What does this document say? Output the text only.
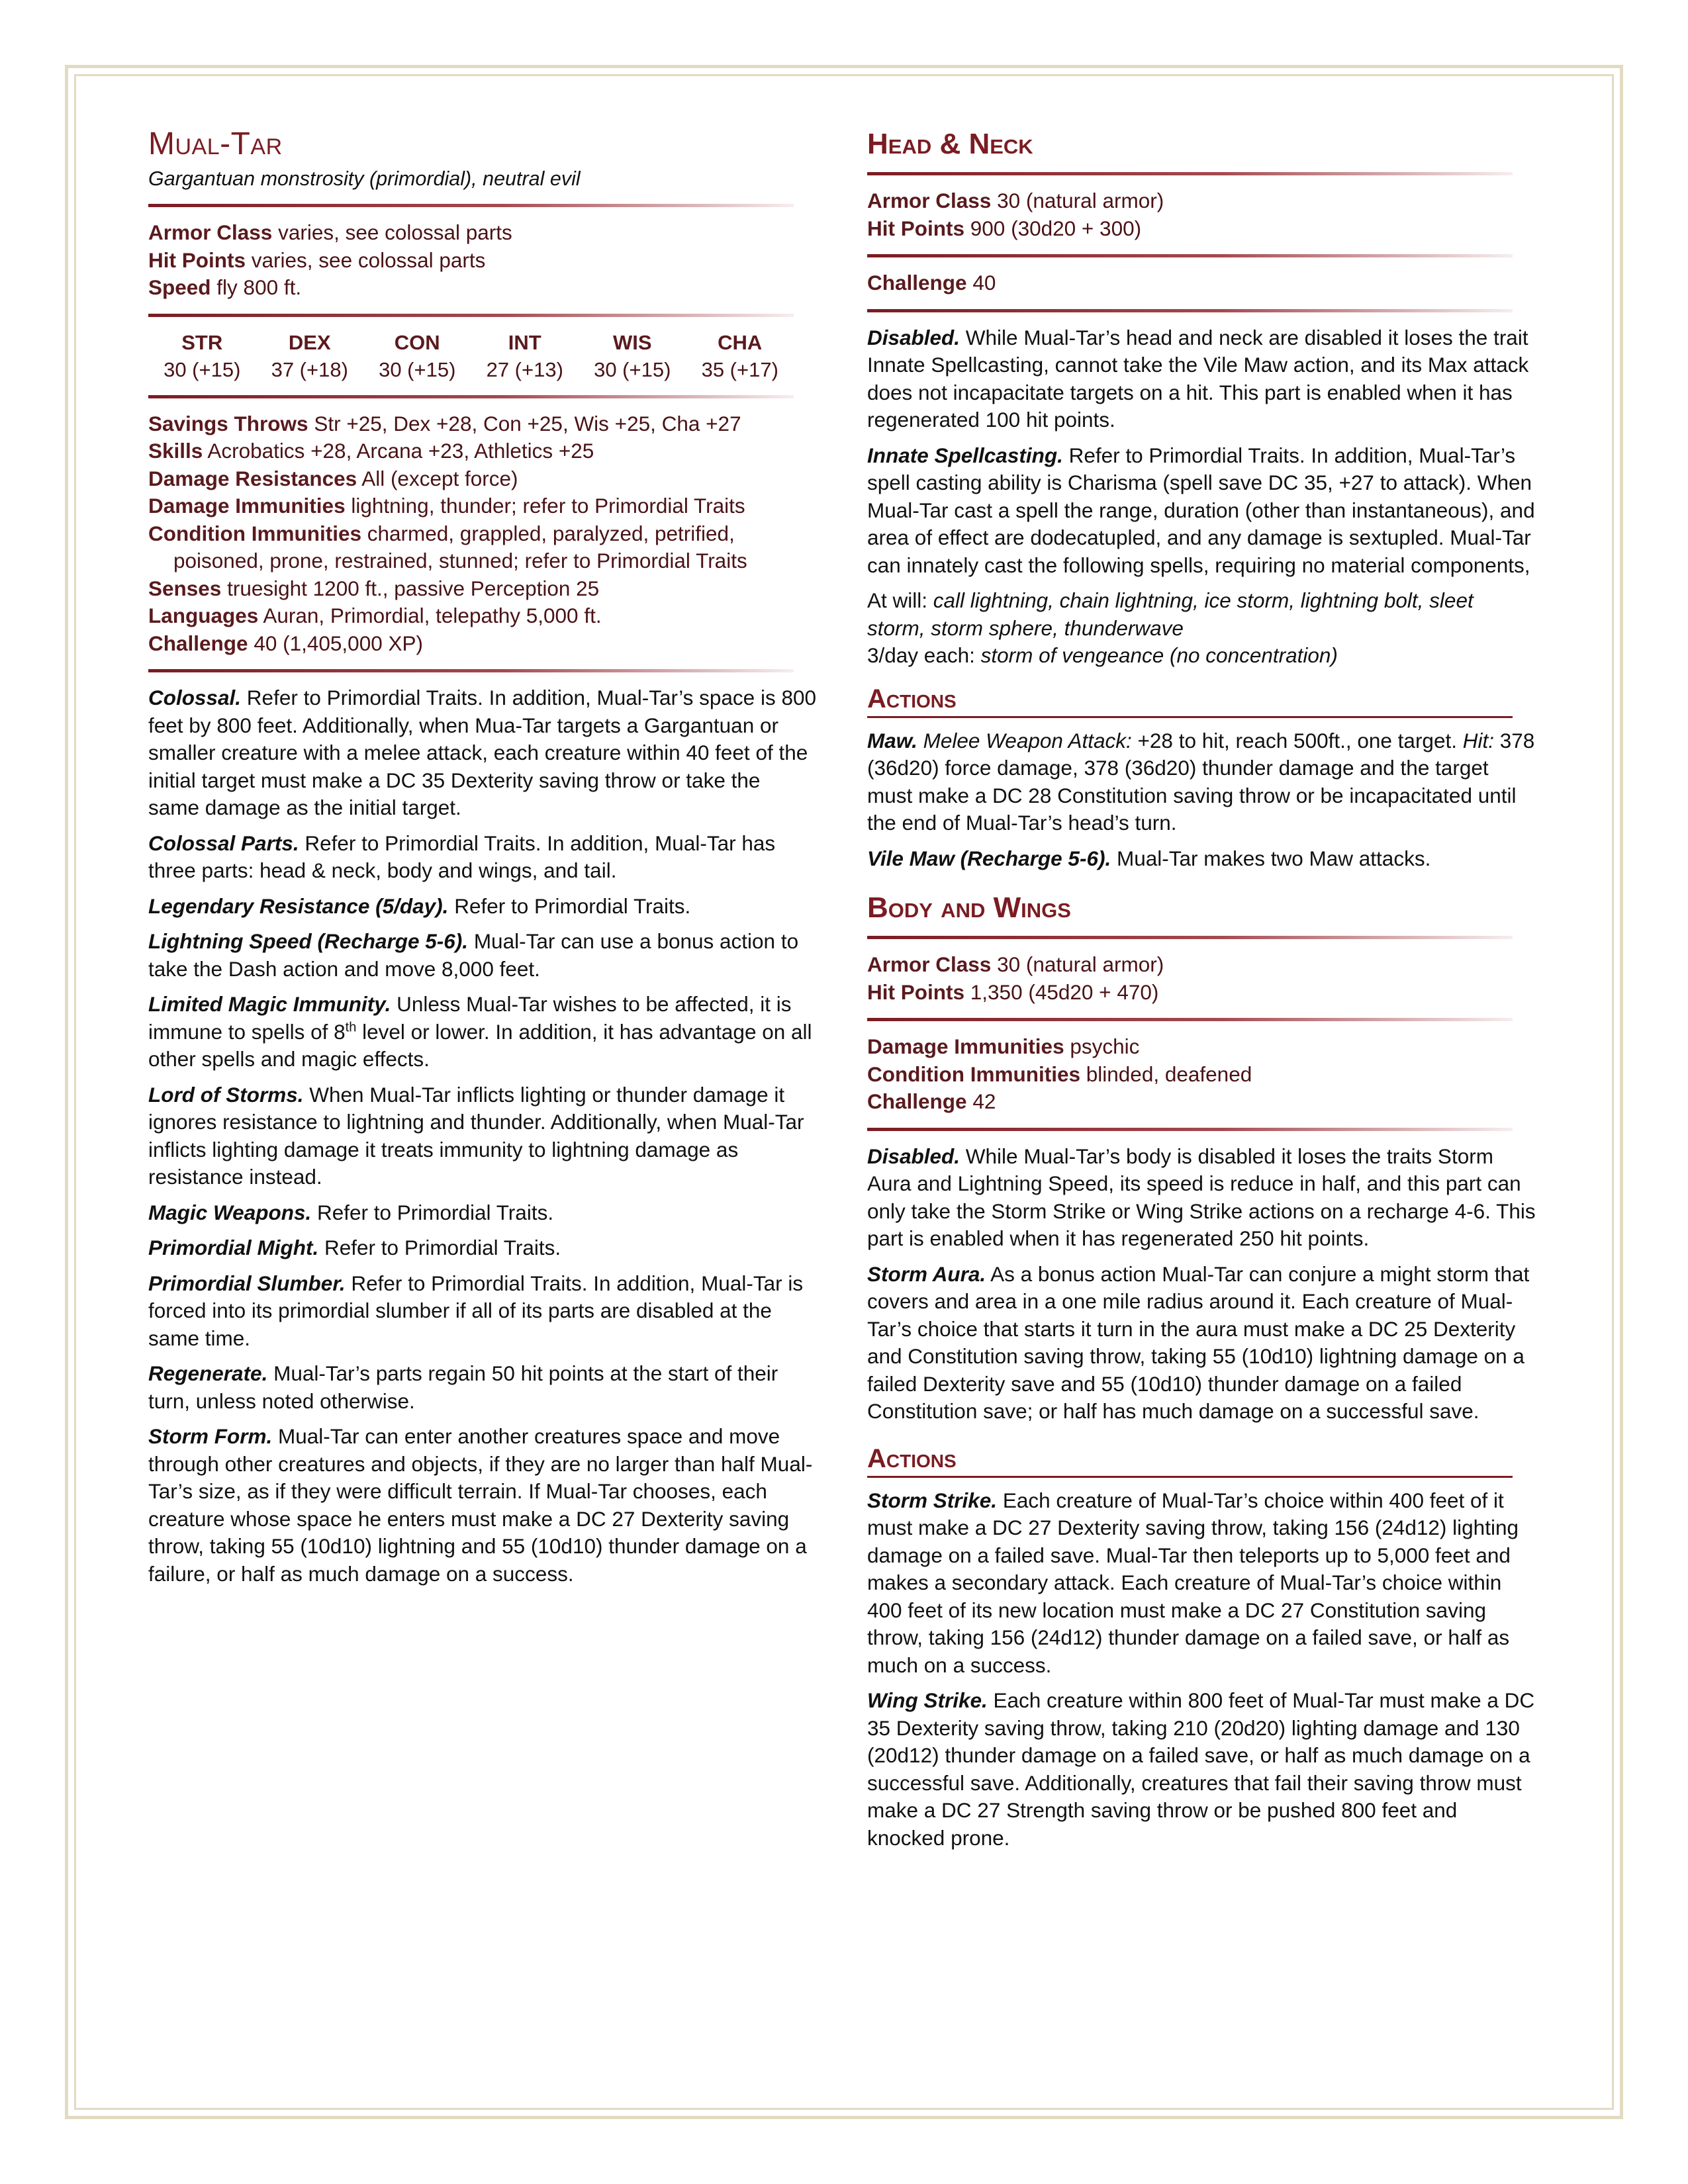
Mual-Tar
Gargantuan monstrosity (primordial), neutral evil
Armor Class varies, see colossal parts
Hit Points varies, see colossal parts
Speed fly 800 ft.
STR	DEX	CON	INT	WIS	CHA
30 (+15)	37 (+18)	30 (+15)	27 (+13)	30 (+15)	35 (+17)
Savings Throws Str +25, Dex +28, Con +25, Wis +25, Cha +27
Skills Acrobatics +28, Arcana +23, Athletics +25
Damage Resistances All (except force)
Damage Immunities lightning, thunder; refer to Primordial Traits
Condition Immunities charmed, grappled, paralyzed, petrified,
poisoned, prone, restrained, stunned; refer to Primordial Traits
Senses truesight 1200 ft., passive Perception 25
Languages Auran, Primordial, telepathy 5,000 ft.
Challenge 40 (1,405,000 XP)

Colossal. Refer to Primordial Traits. In addition, Mual-Tar’s space is 800 feet by 800 feet. Additionally, when Mua-Tar targets a Gargantuan or smaller creature with a melee attack, each creature within 40 feet of the initial target must make a DC 35 Dexterity saving throw or take the same damage as the initial target.

Colossal Parts. Refer to Primordial Traits. In addition, Mual-Tar has three parts: head & neck, body and wings, and tail.

Legendary Resistance (5/day). Refer to Primordial Traits.

Lightning Speed (Recharge 5-6). Mual-Tar can use a bonus action to take the Dash action and move 8,000 feet.

Limited Magic Immunity. Unless Mual-Tar wishes to be affected, it is immune to spells of 8th level or lower. In addition, it has advantage on all other spells and magic effects.

Lord of Storms. When Mual-Tar inflicts lighting or thunder damage it ignores resistance to lightning and thunder. Additionally, when Mual-Tar inflicts lighting damage it treats immunity to lightning damage as resistance instead.

Magic Weapons. Refer to Primordial Traits.

Primordial Might. Refer to Primordial Traits.

Primordial Slumber. Refer to Primordial Traits. In addition, Mual-Tar is forced into its primordial slumber if all of its parts are disabled at the same time.

Regenerate. Mual-Tar’s parts regain 50 hit points at the start of their turn, unless noted otherwise.

Storm Form. Mual-Tar can enter another creatures space and move through other creatures and objects, if they are no larger than half Mual-Tar’s size, as if they were difficult terrain. If Mual-Tar chooses, each creature whose space he enters must make a DC 27 Dexterity saving throw, taking 55 (10d10) lightning and 55 (10d10) thunder damage on a failure, or half as much damage on a success.

Head & Neck
Armor Class 30 (natural armor)
Hit Points 900 (30d20 + 300)
Challenge 40

Disabled. While Mual-Tar’s head and neck are disabled it loses the trait Innate Spellcasting, cannot take the Vile Maw action, and its Max attack does not incapacitate targets on a hit. This part is enabled when it has regenerated 100 hit points.

Innate Spellcasting. Refer to Primordial Traits. In addition, Mual-Tar’s spell casting ability is Charisma (spell save DC 35, +27 to attack). When Mual-Tar cast a spell the range, duration (other than instantaneous), and area of effect are dodecatupled, and any damage is sextupled. Mual-Tar can innately cast the following spells, requiring no material components,

At will: call lightning, chain lightning, ice storm, lightning bolt, sleet storm, storm sphere, thunderwave
3/day each: storm of vengeance (no concentration)
Actions

Maw. Melee Weapon Attack: +28 to hit, reach 500ft., one target. Hit: 378 (36d20) force damage, 378 (36d20) thunder damage and the target must make a DC 28 Constitution saving throw or be incapacitated until the end of Mual-Tar’s head’s turn.

Vile Maw (Recharge 5-6). Mual-Tar makes two Maw attacks.

Body and Wings
Armor Class 30 (natural armor)
Hit Points 1,350 (45d20 + 470)
Damage Immunities psychic
Condition Immunities blinded, deafened
Challenge 42

Disabled. While Mual-Tar’s body is disabled it loses the traits Storm Aura and Lightning Speed, its speed is reduce in half, and this part can only take the Storm Strike or Wing Strike actions on a recharge 4-6. This part is enabled when it has regenerated 250 hit points.

Storm Aura. As a bonus action Mual-Tar can conjure a might storm that covers and area in a one mile radius around it. Each creature of Mual-Tar’s choice that starts it turn in the aura must make a DC 25 Dexterity and Constitution saving throw, taking 55 (10d10) lightning damage on a failed Dexterity save and 55 (10d10) thunder damage on a failed Constitution save; or half has much damage on a successful save.

Actions

Storm Strike. Each creature of Mual-Tar’s choice within 400 feet of it must make a DC 27 Dexterity saving throw, taking 156 (24d12) lighting damage on a failed save. Mual-Tar then teleports up to 5,000 feet and makes a secondary attack. Each creature of Mual-Tar’s choice within 400 feet of its new location must make a DC 27 Constitution saving throw, taking 156 (24d12) thunder damage on a failed save, or half as much on a success.

Wing Strike. Each creature within 800 feet of Mual-Tar must make a DC 35 Dexterity saving throw, taking 210 (20d20) lighting damage and 130 (20d12) thunder damage on a failed save, or half as much damage on a successful save. Additionally, creatures that fail their saving throw must make a DC 27 Strength saving throw or be pushed 800 feet and knocked prone.
